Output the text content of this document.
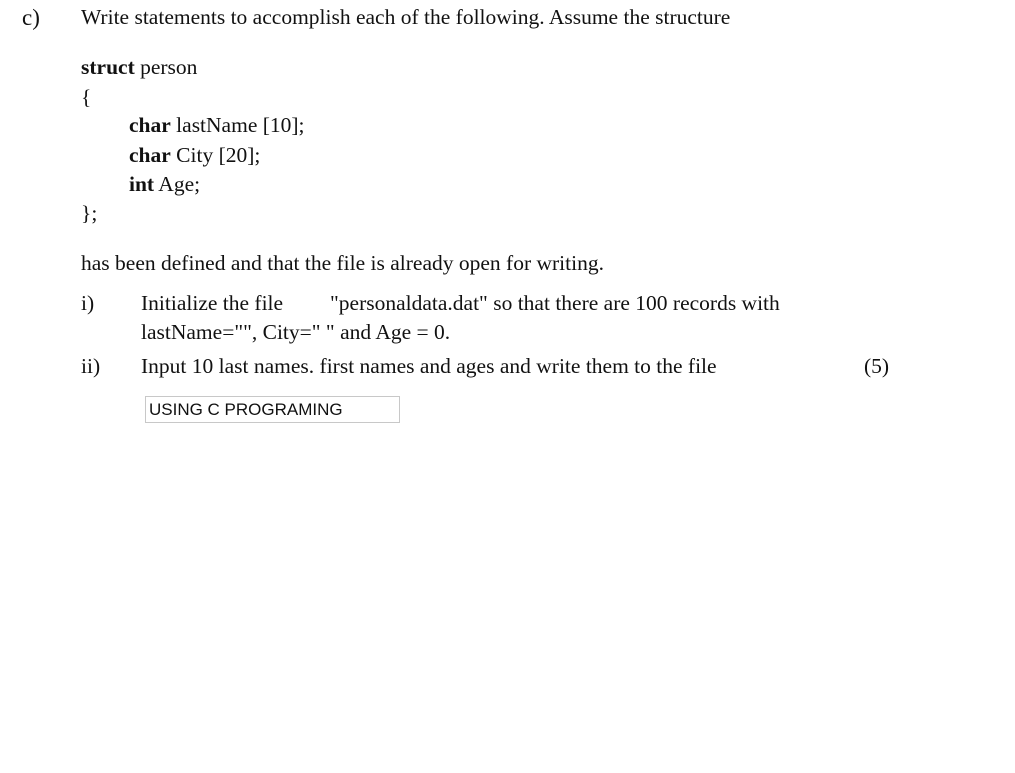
c) Write statements to accomplish each of the following. Assume the structure
struct person
{
char lastName [10];
char City [20];
int Age;
};
has been defined and that the file is already open for writing.
i) Initialize the file "personaldata.dat" so that there are 100 records with
lastName="", City=" " and Age = 0.
ii) Input 10 last names. first names and ages and write them to the file	(5)
USING C PROGRAMING
